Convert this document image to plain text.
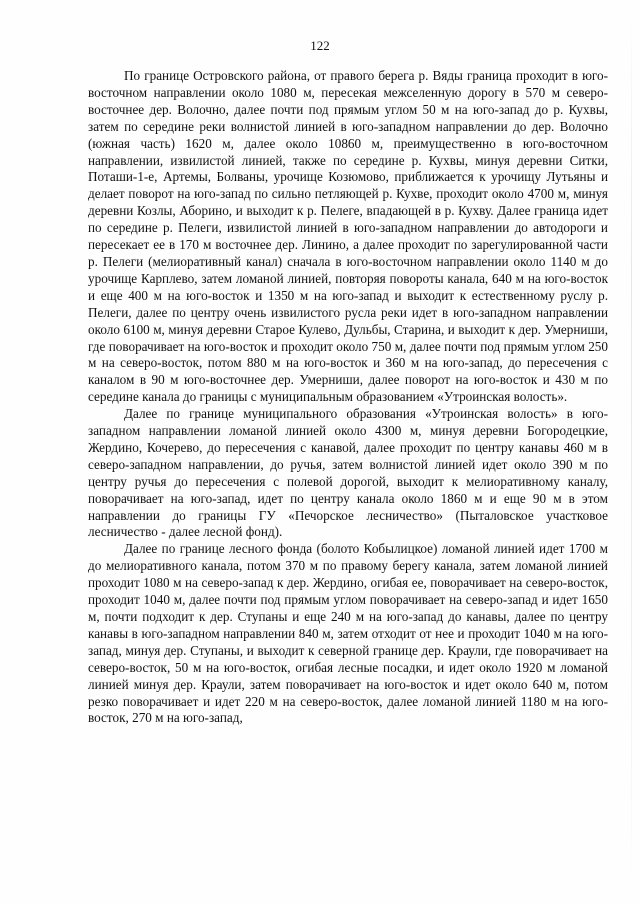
122

По границе Островского района, от правого берега р. Вяды граница проходит в юго-восточном направлении около 1080 м, пересекая межселенную дорогу в 570 м северо-восточнее дер. Волочно, далее почти под прямым углом 50 м на юго-запад до р. Кухвы, затем по середине реки волнистой линией в юго-западном направлении до дер. Волочно (южная часть) 1620 м, далее около 10860 м, преимущественно в юго-восточном направлении, извилистой линией, также по середине р. Кухвы, минуя деревни Ситки, Поташи-1-е, Артемы, Болваны, урочище Козюмово, приближается к урочищу Лутьяны и делает поворот на юго-запад по сильно петляющей р. Кухве, проходит около 4700 м, минуя деревни Козлы, Аборино, и выходит к р. Пелеге, впадающей в р. Кухву. Далее граница идет по середине р. Пелеги, извилистой линией в юго-западном направлении до автодороги и пересекает ее в 170 м восточнее дер. Линино, а далее проходит по зарегулированной части р. Пелеги (мелиоративный канал) сначала в юго-восточном направлении около 1140 м до урочище Карплево, затем ломаной линией, повторяя повороты канала, 640 м на юго-восток и еще 400 м на юго-восток и 1350 м на юго-запад и выходит к естественному руслу р. Пелеги, далее по центру очень извилистого русла реки идет в юго-западном направлении около 6100 м, минуя деревни Старое Кулево, Дульбы, Старина, и выходит к дер. Умерниши, где поворачивает на юго-восток и проходит около 750 м, далее почти под прямым углом 250 м на северо-восток, потом 880 м на юго-восток и 360 м на юго-запад, до пересечения с каналом в 90 м юго-восточнее дер. Умерниши, далее поворот на юго-восток и 430 м по середине канала до границы с муниципальным образованием «Утроинская волость».

Далее по границе муниципального образования «Утроинская волость» в юго-западном направлении ломаной линией около 4300 м, минуя деревни Богородецкие, Жердино, Кочерево, до пересечения с канавой, далее проходит по центру канавы 460 м в северо-западном направлении, до ручья, затем волнистой линией идет около 390 м по центру ручья до пересечения с полевой дорогой, выходит к мелиоративному каналу, поворачивает на юго-запад, идет по центру канала около 1860 м и еще 90 м в этом направлении до границы ГУ «Печорское лесничество» (Пыталовское участковое лесничество - далее лесной фонд).

Далее по границе лесного фонда (болото Кобылицкое) ломаной линией идет 1700 м до мелиоративного канала, потом 370 м по правому берегу канала, затем ломаной линией проходит 1080 м на северо-запад к дер. Жердино, огибая ее, поворачивает на северо-восток, проходит 1040 м, далее почти под прямым углом поворачивает на северо-запад и идет 1650 м, почти подходит к дер. Ступаны и еще 240 м на юго-запад до канавы, далее по центру канавы в юго-западном направлении 840 м, затем отходит от нее и проходит 1040 м на юго-запад, минуя дер. Ступаны, и выходит к северной границе дер. Краули, где поворачивает на северо-восток, 50 м на юго-восток, огибая лесные посадки, и идет около 1920 м ломаной линией минуя дер. Краули, затем поворачивает на юго-восток и идет около 640 м, потом резко поворачивает и идет 220 м на северо-восток, далее ломаной линией 1180 м на юго-восток, 270 м на юго-запад,
